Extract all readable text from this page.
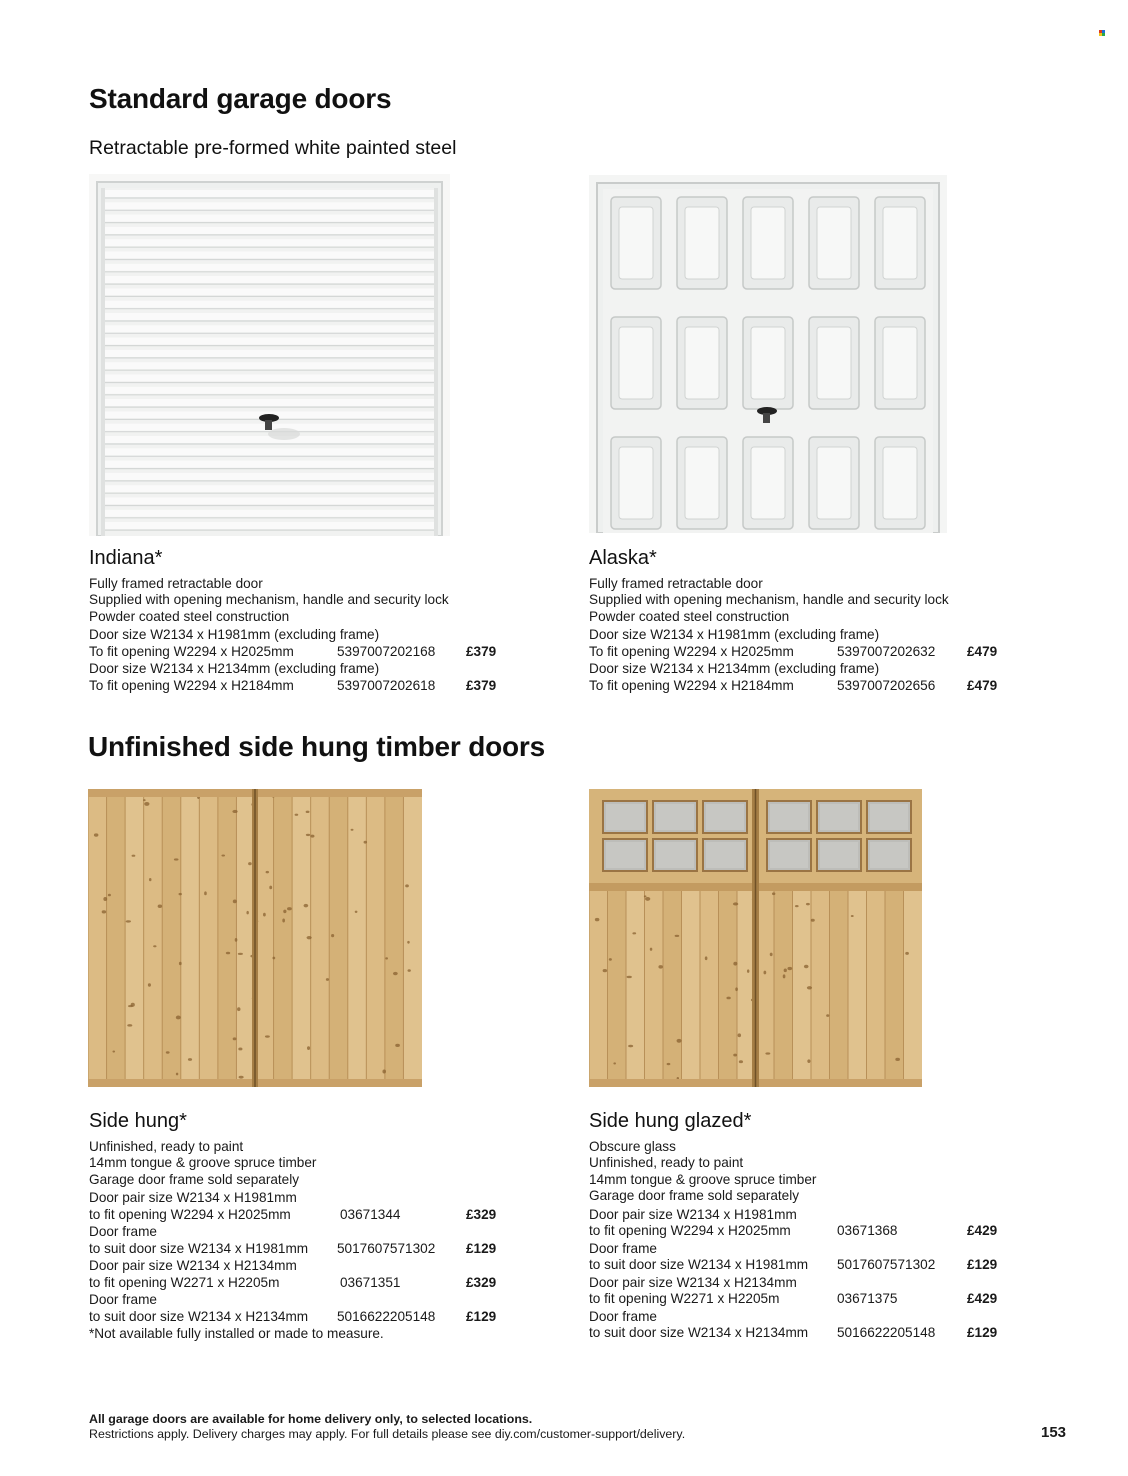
Standard garage doors
Retractable pre-formed white painted steel
Indiana*
Fully framed retractable door
Supplied with opening mechanism, handle and security lock
Powder coated steel construction
Door size W2134 x H1981mm (excluding frame)
To fit opening W2294 x H2025mm	5397007202168 £379
Door size W2134 x H2134mm (excluding frame)
To fit opening W2294 x H2184mm	5397007202618 £379
Alaska*
Fully framed retractable door
Supplied with opening mechanism, handle and security lock
Powder coated steel construction
Door size W2134 x H1981mm (excluding frame)
To fit opening W2294 x H2025mm	5397007202632 £479
Door size W2134 x H2134mm (excluding frame)
To fit opening W2294 x H2184mm	5397007202656 £479
Unfinished side hung timber doors
Side hung*
Unfinished, ready to paint
14mm tongue & groove spruce timber
Garage door frame sold separately
Door pair size W2134 x H1981mm
to fit opening W2294 x H2025mm	03671344	£329
Door frame
to suit door size W2134 x H1981mm 5017607571302 £129
Door pair size W2134 x H2134mm
to fit opening W2271 x H2205m	03671351	£329
Door frame
to suit door size W2134 x H2134mm 5016622205148 £129
*Not available fully installed or made to measure.
Side hung glazed*
Obscure glass
Unfinished, ready to paint
14mm tongue & groove spruce timber
Garage door frame sold separately
Door pair size W2134 x H1981mm
to fit opening W2294 x H2025mm	03671368	£429
Door frame
to suit door size W2134 x H1981mm 5017607571302 £129
Door pair size W2134 x H2134mm
to fit opening W2271 x H2205m	03671375	£429
Door frame
to suit door size W2134 x H2134mm 5016622205148 £129
All garage doors are available for home delivery only, to selected locations.
Restrictions apply. Delivery charges may apply. For full details please see diy.com/customer-support/delivery.	153
